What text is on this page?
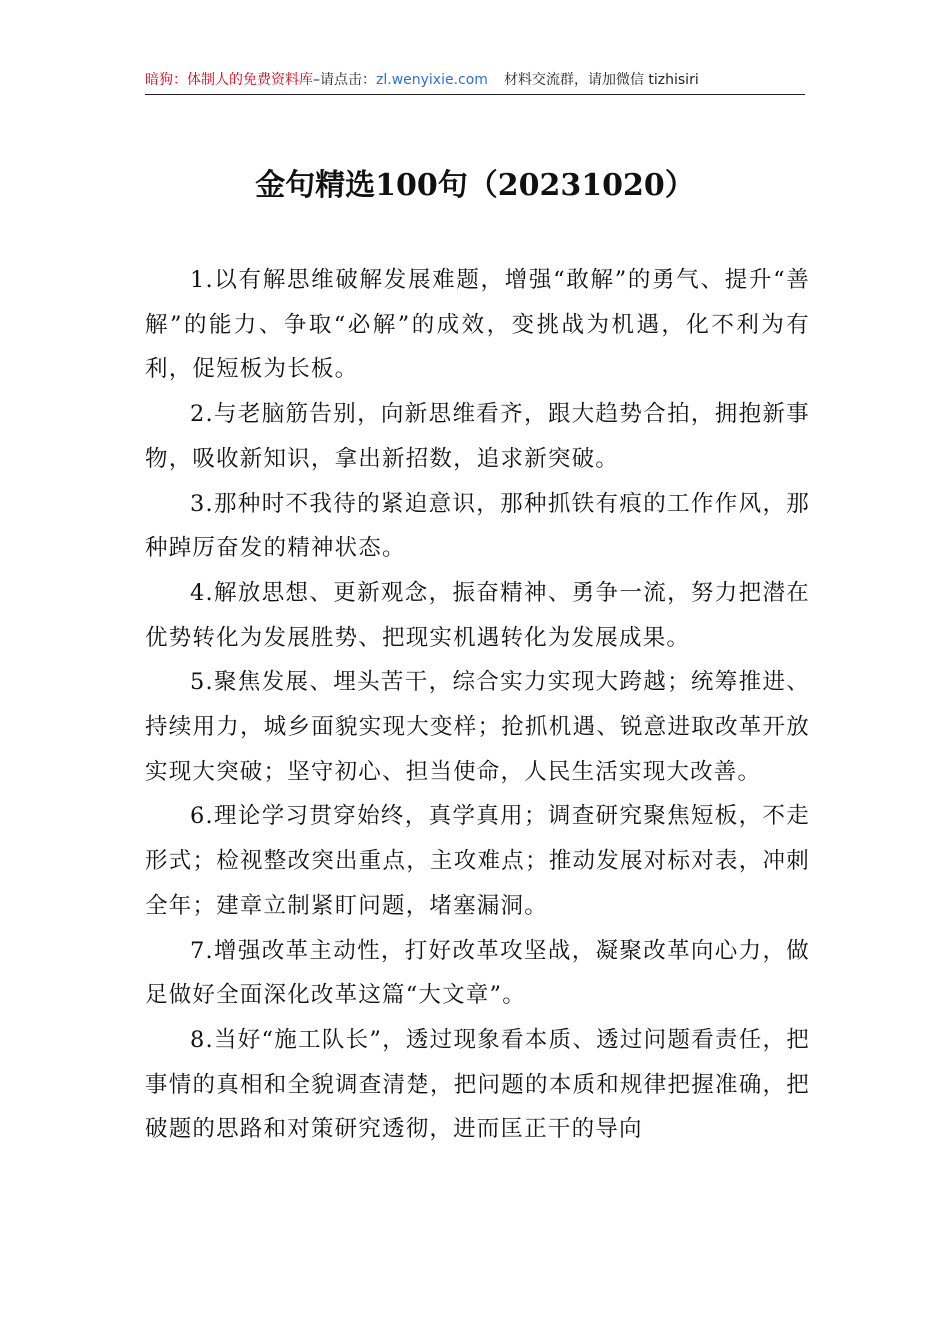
暗狗：体制人的免费资料库–请点击：zl.wenyixie.com 材料交流群，请加微信 tizhisiri
金句精选100句（20231020）

1.以有解思维破解发展难题，增强“敢解”的勇气、提升“善解”的能力、争取“必解”的成效，变挑战为机遇，化不利为有利，促短板为长板。

2.与老脑筋告别，向新思维看齐，跟大趋势合拍，拥抱新事物，吸收新知识，拿出新招数，追求新突破。

3.那种时不我待的紧迫意识，那种抓铁有痕的工作作风，那种踔厉奋发的精神状态。

4.解放思想、更新观念，振奋精神、勇争一流，努力把潜在优势转化为发展胜势、把现实机遇转化为发展成果。

5.聚焦发展、埋头苦干，综合实力实现大跨越；统筹推进、持续用力，城乡面貌实现大变样；抢抓机遇、锐意进取改革开放实现大突破；坚守初心、担当使命，人民生活实现大改善。

6.理论学习贯穿始终，真学真用；调查研究聚焦短板，不走形式；检视整改突出重点，主攻难点；推动发展对标对表，冲刺全年；建章立制紧盯问题，堵塞漏洞。

7.增强改革主动性，打好改革攻坚战，凝聚改革向心力，做足做好全面深化改革这篇“大文章”。

8.当好“施工队长”，透过现象看本质、透过问题看责任，把事情的真相和全貌调查清楚，把问题的本质和规律把握准确，把破题的思路和对策研究透彻，进而匡正干的导向
